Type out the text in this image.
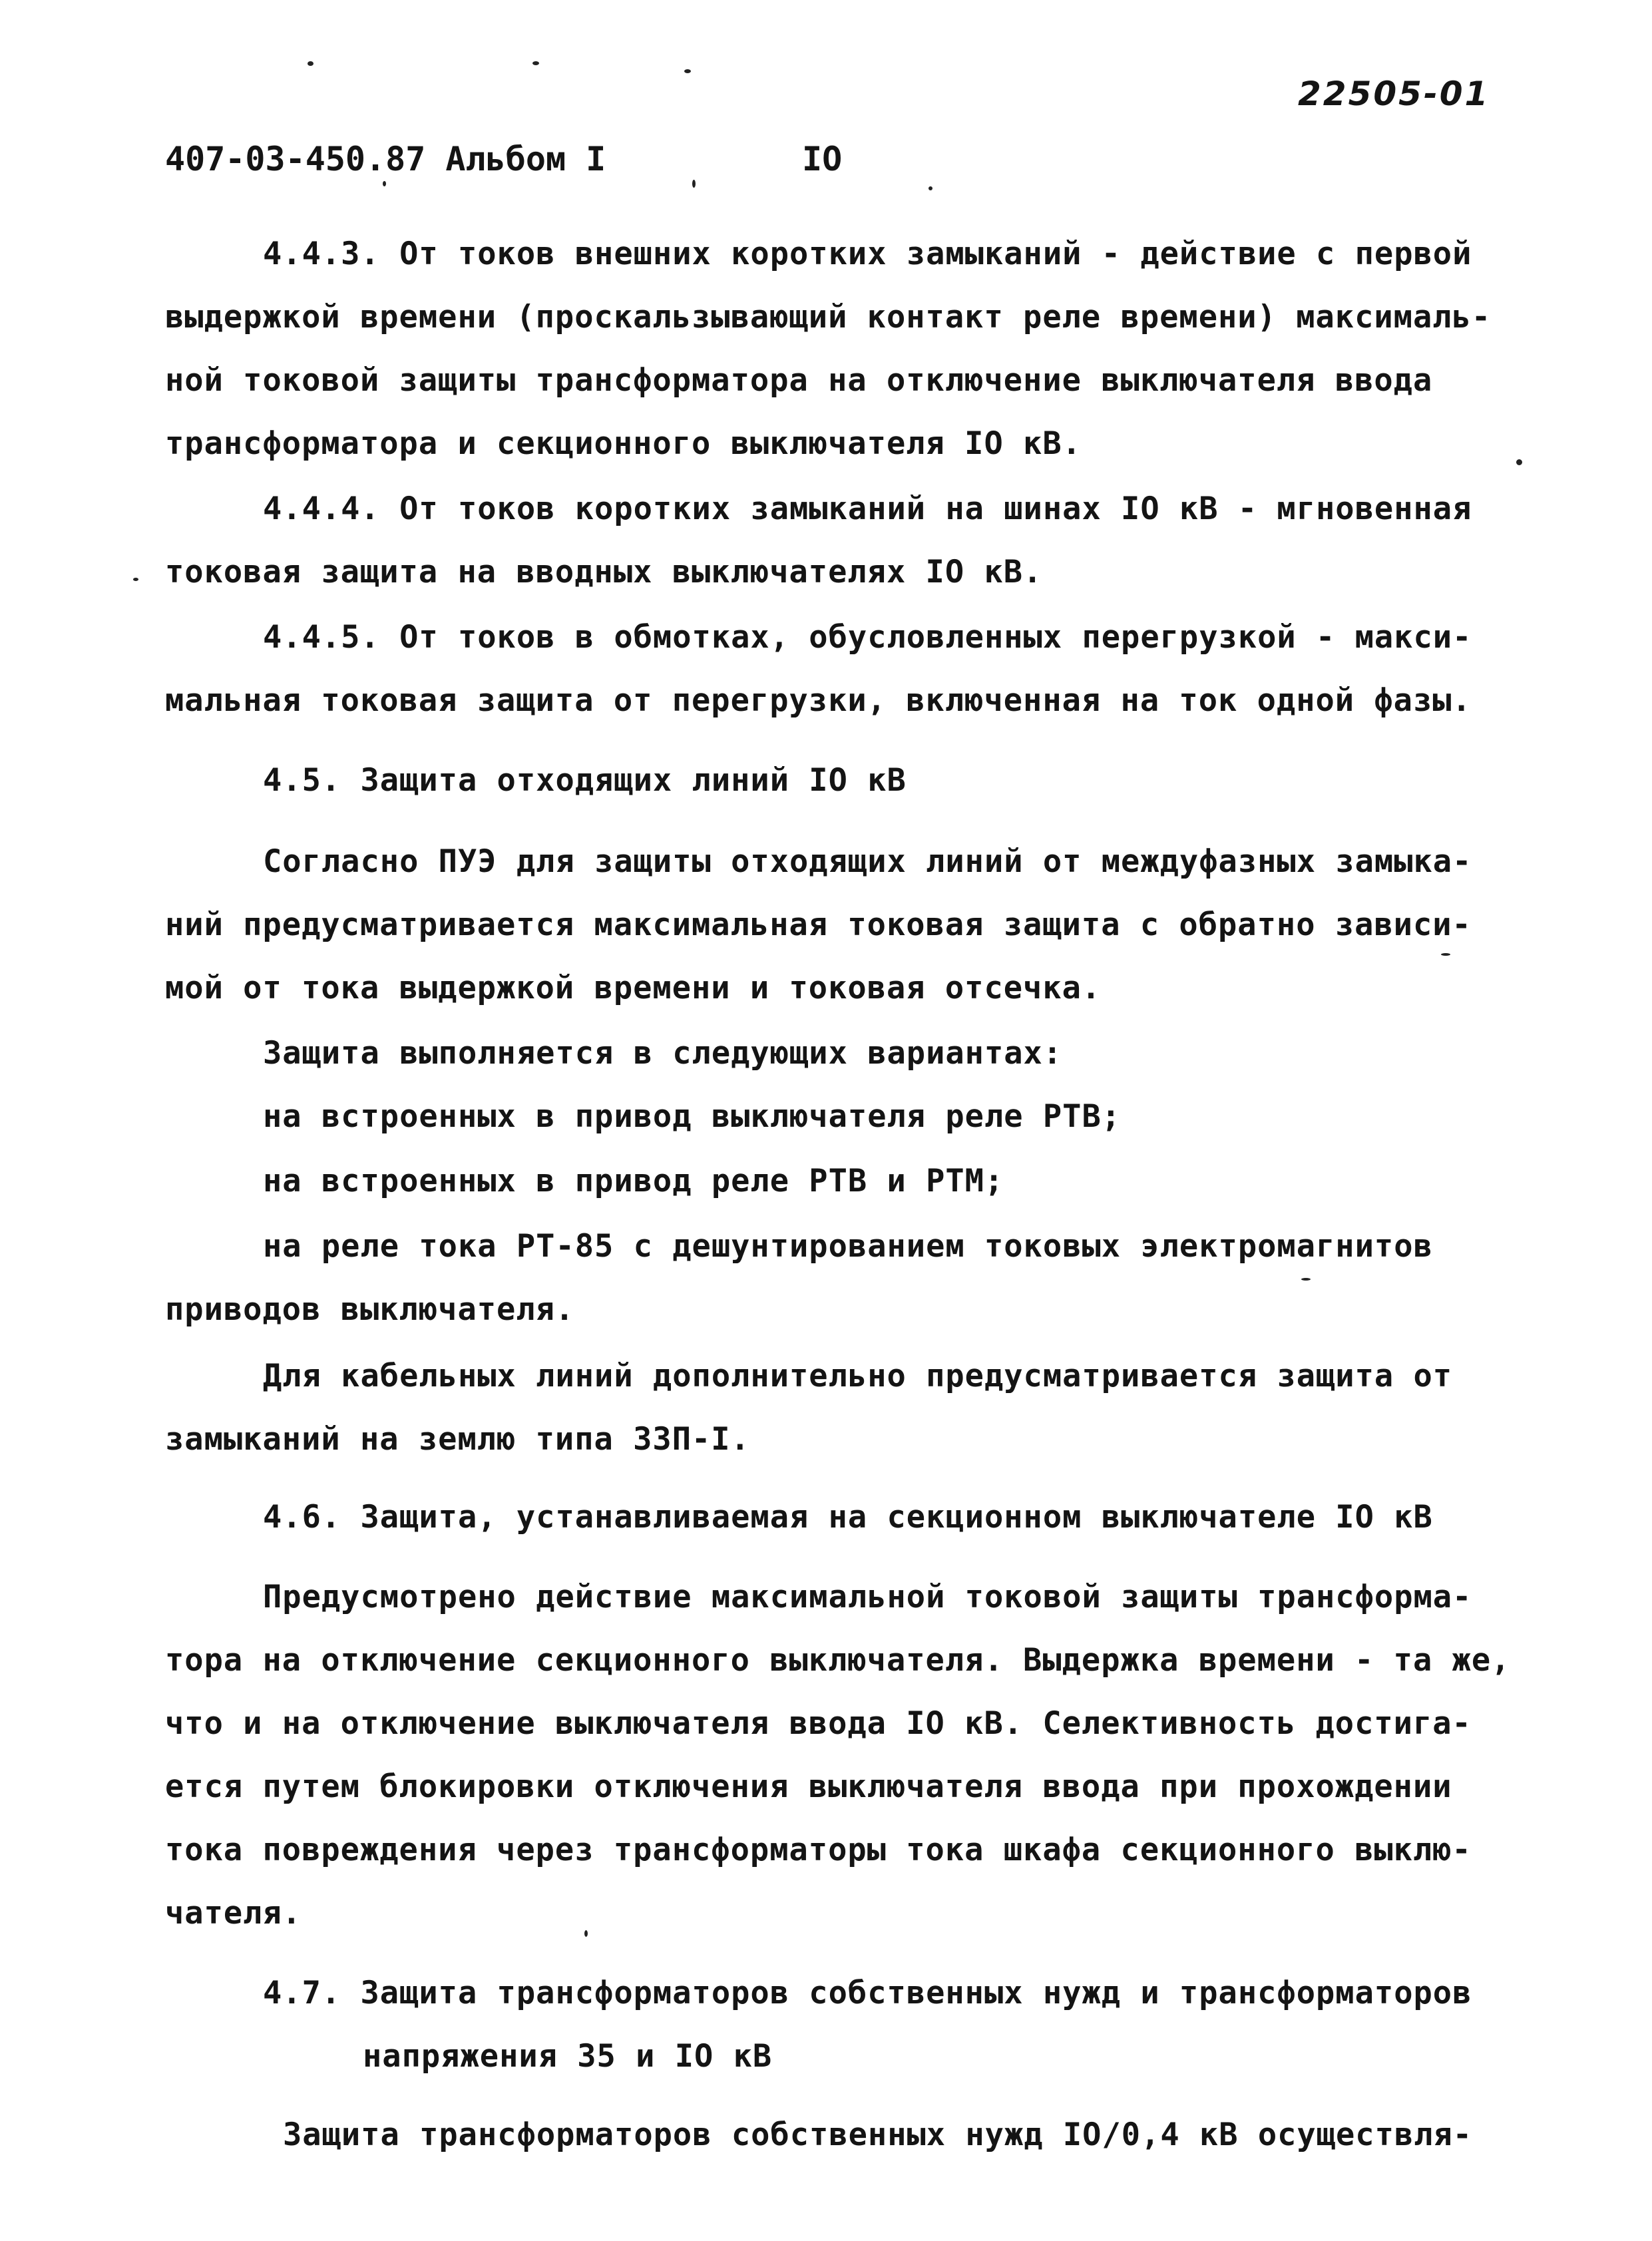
22505-01
407-03-450.87 Альбом I	IO
4.4.3. От токов внешних коротких замыканий - действие с первой
выдержкой времени (проскальзывающий контакт реле времени) максималь-
ной токовой защиты трансформатора на отключение выключателя ввода
трансформатора и секционного выключателя IO кВ.
4.4.4. От токов коротких замыканий на шинах IO кВ - мгновенная
токовая защита на вводных выключателях IO кВ.
4.4.5. От токов в обмотках, обусловленных перегрузкой - макси-
мальная токовая защита от перегрузки, включенная на ток одной фазы.
4.5. Защита отходящих линий IO кВ
Согласно ПУЭ для защиты отходящих линий от междуфазных замыка-
ний предусматривается максимальная токовая защита с обратно зависи-
мой от тока выдержкой времени и токовая отсечка.
Защита выполняется в следующих вариантах:
на встроенных в привод выключателя реле РТВ;
на встроенных в привод реле РТВ и РТМ;
на реле тока РТ-85 с дешунтированием токовых электромагнитов
приводов выключателя.
Для кабельных линий дополнительно предусматривается защита от
замыканий на землю типа ЗЗП-I.
4.6. Защита, устанавливаемая на секционном выключателе IO кВ
Предусмотрено действие максимальной токовой защиты трансформа-
тора на отключение секционного выключателя. Выдержка времени - та же,
что и на отключение выключателя ввода IO кВ. Селективность достига-
ется путем блокировки отключения выключателя ввода при прохождении
тока повреждения через трансформаторы тока шкафа секционного выклю-
чателя.
4.7. Защита трансформаторов собственных нужд и трансформаторов
напряжения 35 и IO кВ
Защита трансформаторов собственных нужд IO/0,4 кВ осуществля-
